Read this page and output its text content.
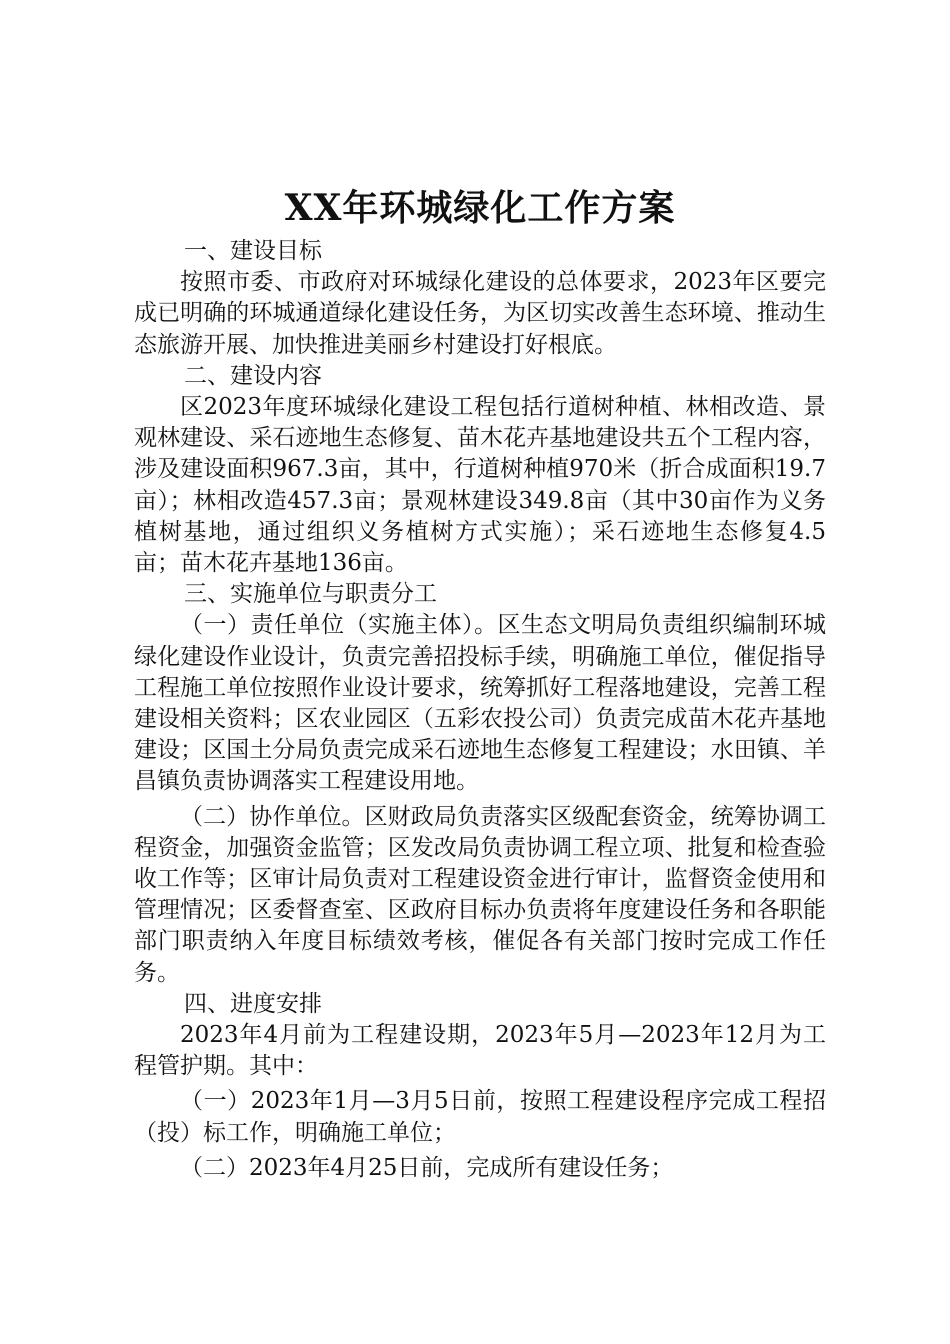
XX年环城绿化工作方案

一、建设目标

按照市委、市政府对环城绿化建设的总体要求，2023年区要完成已明确的环城通道绿化建设任务，为区切实改善生态环境、推动生态旅游开展、加快推进美丽乡村建设打好根底。

二、建设内容

区2023年度环城绿化建设工程包括行道树种植、林相改造、景观林建设、采石迹地生态修复、苗木花卉基地建设共五个工程内容，涉及建设面积967.3亩，其中，行道树种植970米（折合成面积19.7亩）；林相改造457.3亩；景观林建设349.8亩（其中30亩作为义务植树基地，通过组织义务植树方式实施）；采石迹地生态修复4.5亩；苗木花卉基地136亩。

三、实施单位与职责分工

（一）责任单位（实施主体）。区生态文明局负责组织编制环城绿化建设作业设计，负责完善招投标手续，明确施工单位，催促指导工程施工单位按照作业设计要求，统筹抓好工程落地建设，完善工程建设相关资料；区农业园区（五彩农投公司）负责完成苗木花卉基地建设；区国土分局负责完成采石迹地生态修复工程建设；水田镇、羊昌镇负责协调落实工程建设用地。

（二）协作单位。区财政局负责落实区级配套资金，统筹协调工程资金，加强资金监管；区发改局负责协调工程立项、批复和检查验收工作等；区审计局负责对工程建设资金进行审计，监督资金使用和管理情况；区委督查室、区政府目标办负责将年度建设任务和各职能部门职责纳入年度目标绩效考核，催促各有关部门按时完成工作任务。

四、进度安排

2023年4月前为工程建设期，2023年5月—2023年12月为工程管护期。其中：

（一）2023年1月—3月5日前，按照工程建设程序完成工程招（投）标工作，明确施工单位；

（二）2023年4月25日前，完成所有建设任务；
